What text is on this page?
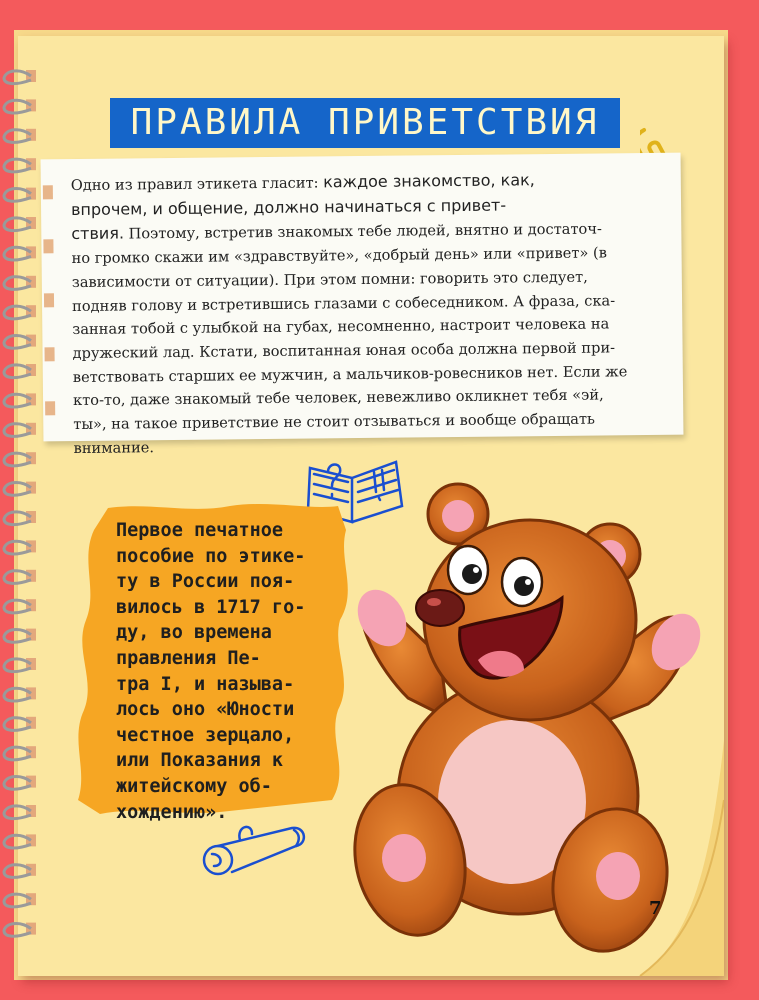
ПРАВИЛА ПРИВЕТСТВИЯ
Одно из правил этикета гласит: каждое знакомство, как,
впрочем, и общение, должно начинаться с привет-
ствия. Поэтому, встретив знакомых тебе людей, внятно и достаточ-
но громко скажи им «здравствуйте», «добрый день» или «привет» (в
зависимости от ситуации). При этом помни: говорить это следует,
подняв голову и встретившись глазами с собеседником. А фраза, ска-
занная тобой с улыбкой на губах, несомненно, настроит человека на
дружеский лад. Кстати, воспитанная юная особа должна первой при-
ветствовать старших ее мужчин, а мальчиков-ровесников нет. Если же
кто-то, даже знакомый тебе человек, невежливо окликнет тебя «эй,
ты», на такое приветствие не стоит отзываться и вообще обращать
внимание.
Первое печатное
пособие по этике-
ту в России поя-
вилось в 1717 го-
ду, во времена
правления Пе-
тра I, и называ-
лось оно «Юности
честное зерцало,
или Показания к
житейскому об-
хождению».
7
